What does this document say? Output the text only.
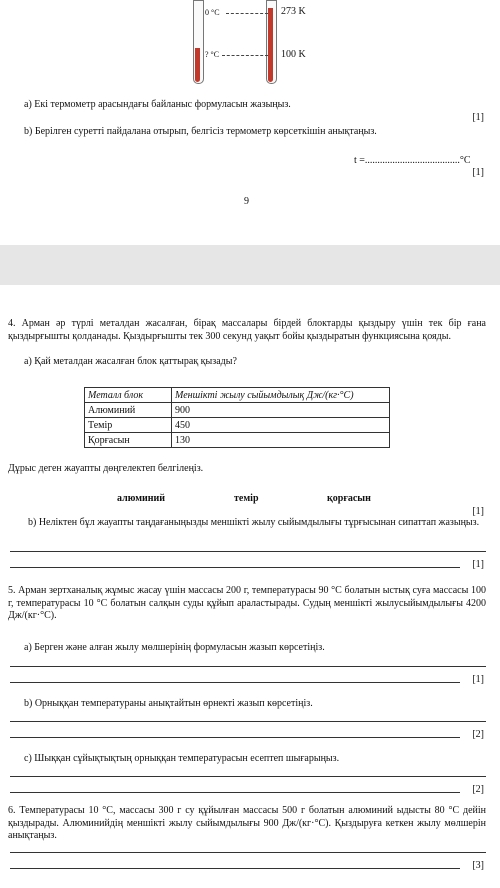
0 °C	273 K
? °C	100 K
a) Екі термометр арасындағы байланыс формуласын жазыңыз.
[1]
b) Берілген суретті пайдалана отырып, белгісіз термометр көрсеткішін анықтаңыз.
t =......................................°C
[1]
9
4. Арман әр түрлі металдан жасалған, бірақ массалары бірдей блоктарды қыздыру үшін тек бір ғана қыздырғышты қолданады. Қыздырғышты тек 300 секунд уақыт бойы қыздыратын функциясына қояды.
а) Қай металдан жасалған блок қаттырақ қызады?
Металл блок	Меншікті жылу сыйымдылық Дж/(кг·°С)
Алюминий	900
Темір	450
Қорғасын	130
Дұрыс деген жауапты дөңгелектеп белгілеңіз.
алюминий	темір	қорғасын
[1]
b) Неліктен бұл жауапты таңдағаныңызды меншікті жылу сыйымдылығы тұрғысынан сипаттап жазыңыз.
[1]
5. Арман зертханалық жұмыс жасау үшін массасы 200 г, температурасы 90 °С болатын ыстық суға массасы 100 г, температурасы 10 °С болатын салқын суды құйып араластырады. Судың меншікті жылусыйымдылығы 4200 Дж/(кг·°С).
a) Берген және алған жылу мөлшерінің формуласын жазып көрсетіңіз.
[1]
b) Орныққан температураны анықтайтын өрнекті жазып көрсетіңіз.
[2]
c) Шыққан сұйықтықтың орныққан температурасын есептеп шығарыңыз.
[2]
6. Температурасы 10 °С, массасы 300 г су құйылған массасы 500 г болатын алюминий ыдысты 80 °С дейін қыздырады. Алюминийдің меншікті жылу сыйымдылығы 900 Дж/(кг·°С). Қыздыруға кеткен жылу мөлшерін анықтаңыз.
[3]
